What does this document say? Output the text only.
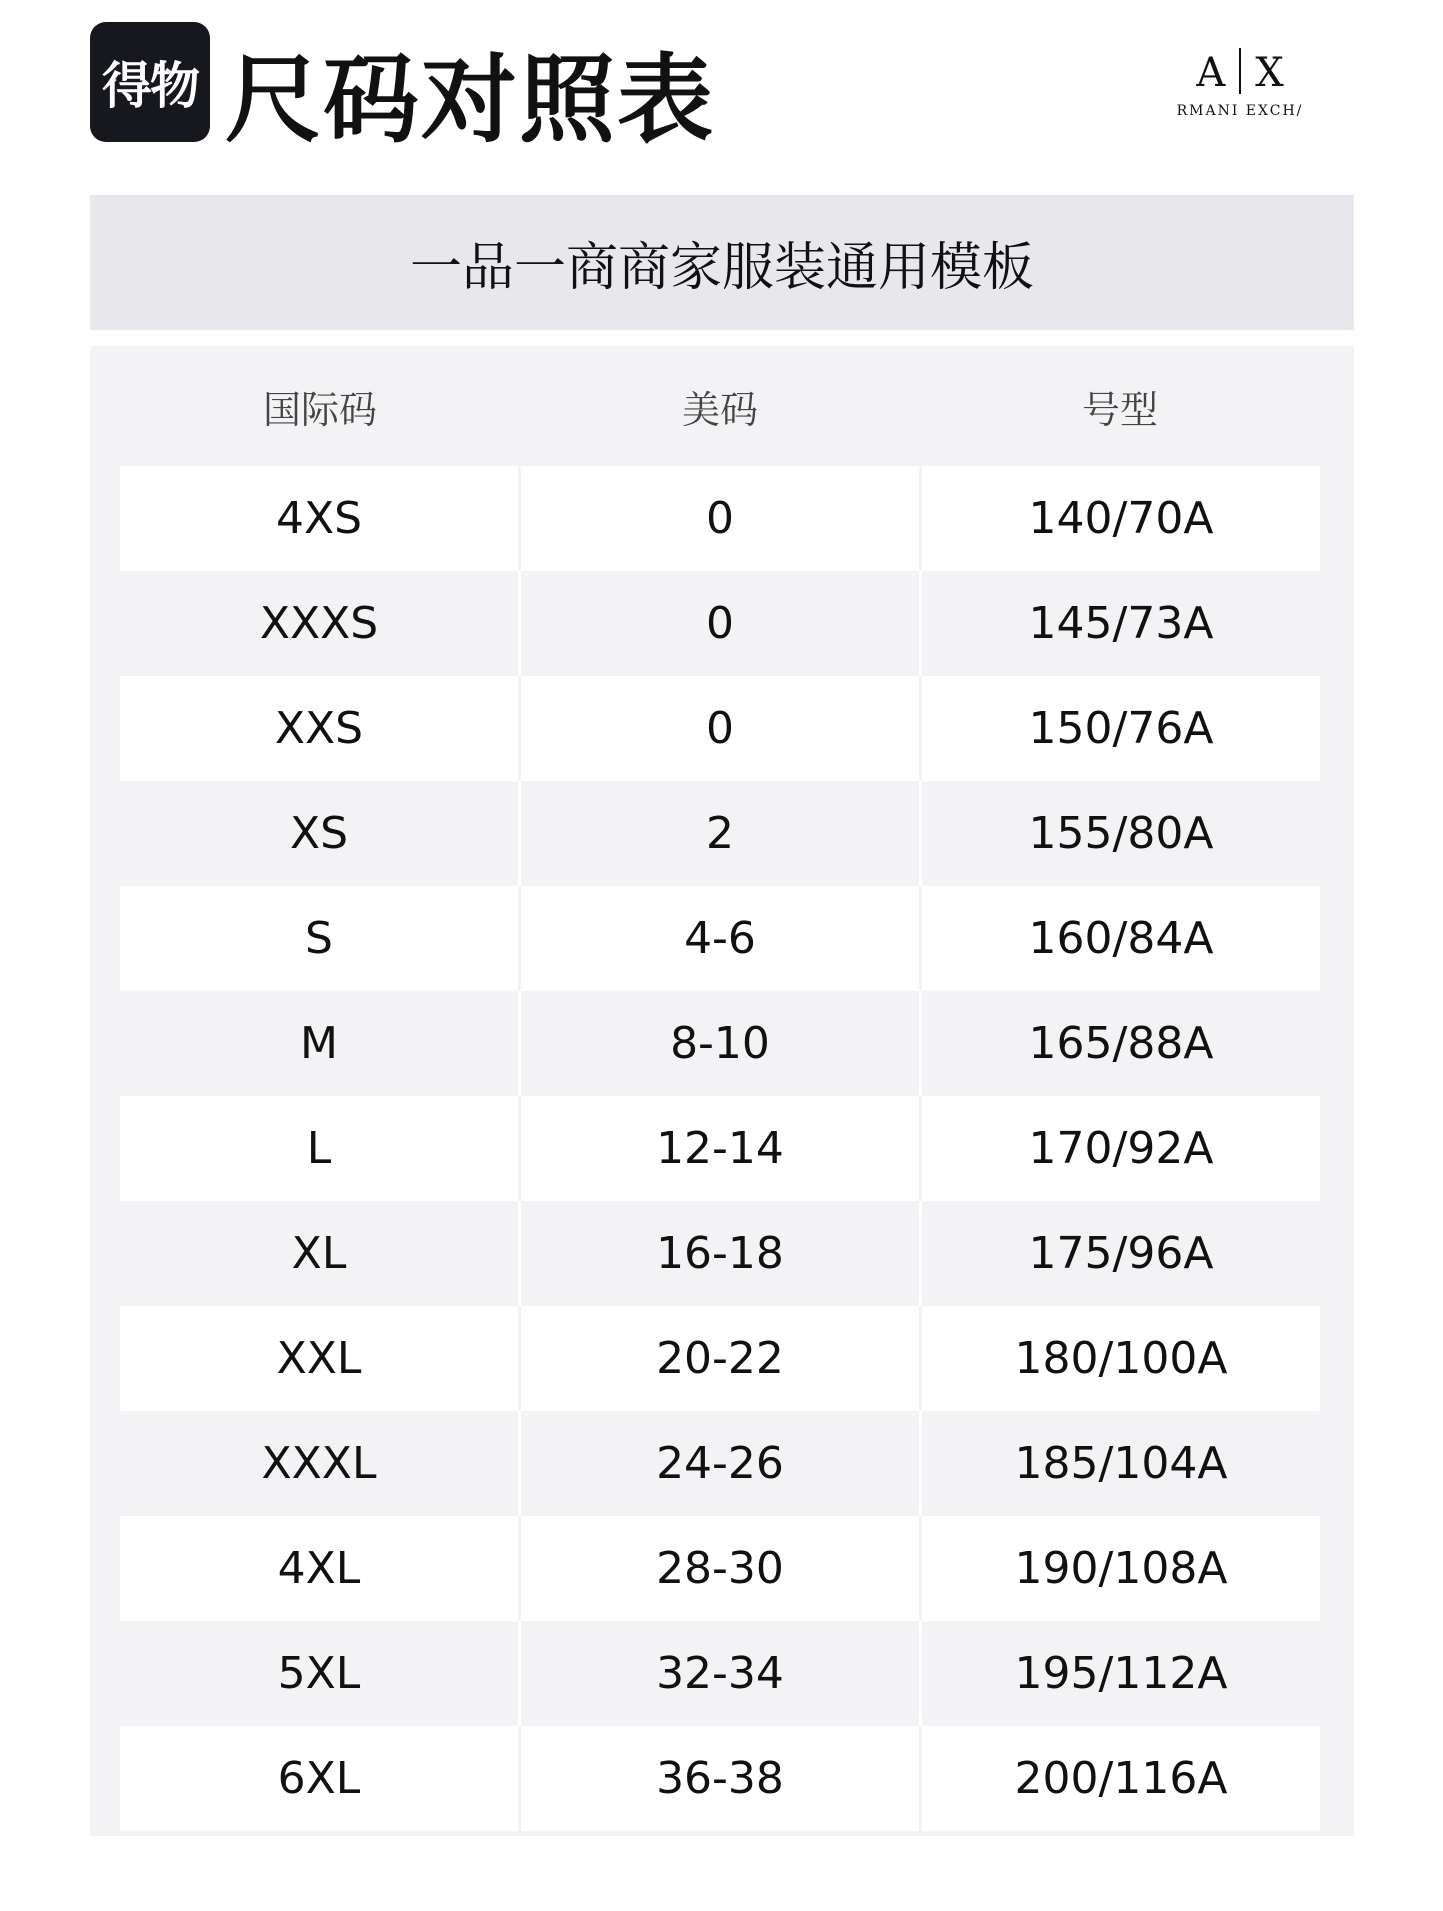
得物 尺码对照表	A X
RMANI EXCH/
一品一商商家服装通用模板
国际码	美码	号型
4XS	0	140/70A
XXXS	0	145/73A
XXS	0	150/76A
XS	2	155/80A
S	4-6	160/84A
M	8-10	165/88A
L	12-14	170/92A
XL	16-18	175/96A
XXL	20-22	180/100A
XXXL	24-26	185/104A
4XL	28-30	190/108A
5XL	32-34	195/112A
6XL	36-38	200/116A
